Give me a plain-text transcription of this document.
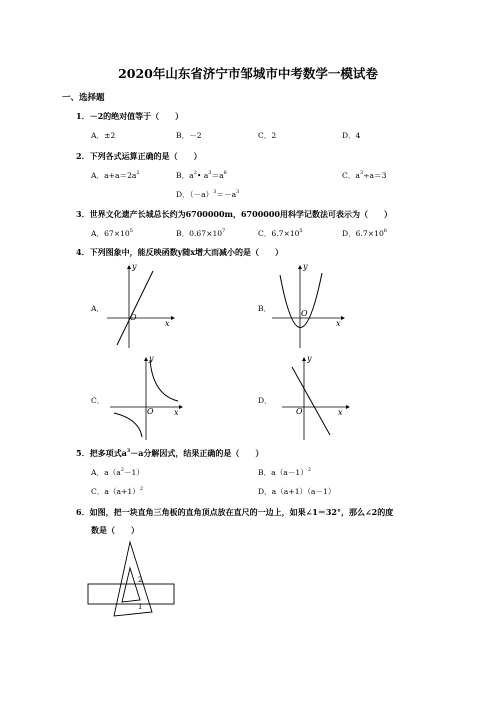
2020年山东省济宁市邹城市中考数学一模试卷
一、选择题
1．－2的绝对值等于（　　）
A．±2	B．－2	C．2	D．4
2．下列各式运算正确的是（　　）
A．$a+a=2a^2$	B．$a^2•$ $a^3=a^6$	C．$a^3\div a=3$
D．$(-a)^3=-a^3$
3．世界文化遗产长城总长约为6700000m，6700000用科学记数法可表示为（　　）
A．$67\times 10^5$	B．$0.67\times 10^7$	C．$6.7\times 10^5$	D．$6.7\times 10^6$
4．下列图象中，能反映函数y随x增大而减小的是（　　）
A．	B．
C．	D．
y
x
O
y
x
O
y
x
O
y
x
O
5．把多项式$a^3-a$分解因式，结果正确的是（　　）
A．$a(a^2-1)$	B．$a(a-1)^2$
C．$a(a+1)^2$	D．a（a+1）（a－1）
6．如图，把一块直角三角板的直角顶点放在直尺的一边上，如果∠1＝32°，那么∠2的度
数是（　　）
2
1
